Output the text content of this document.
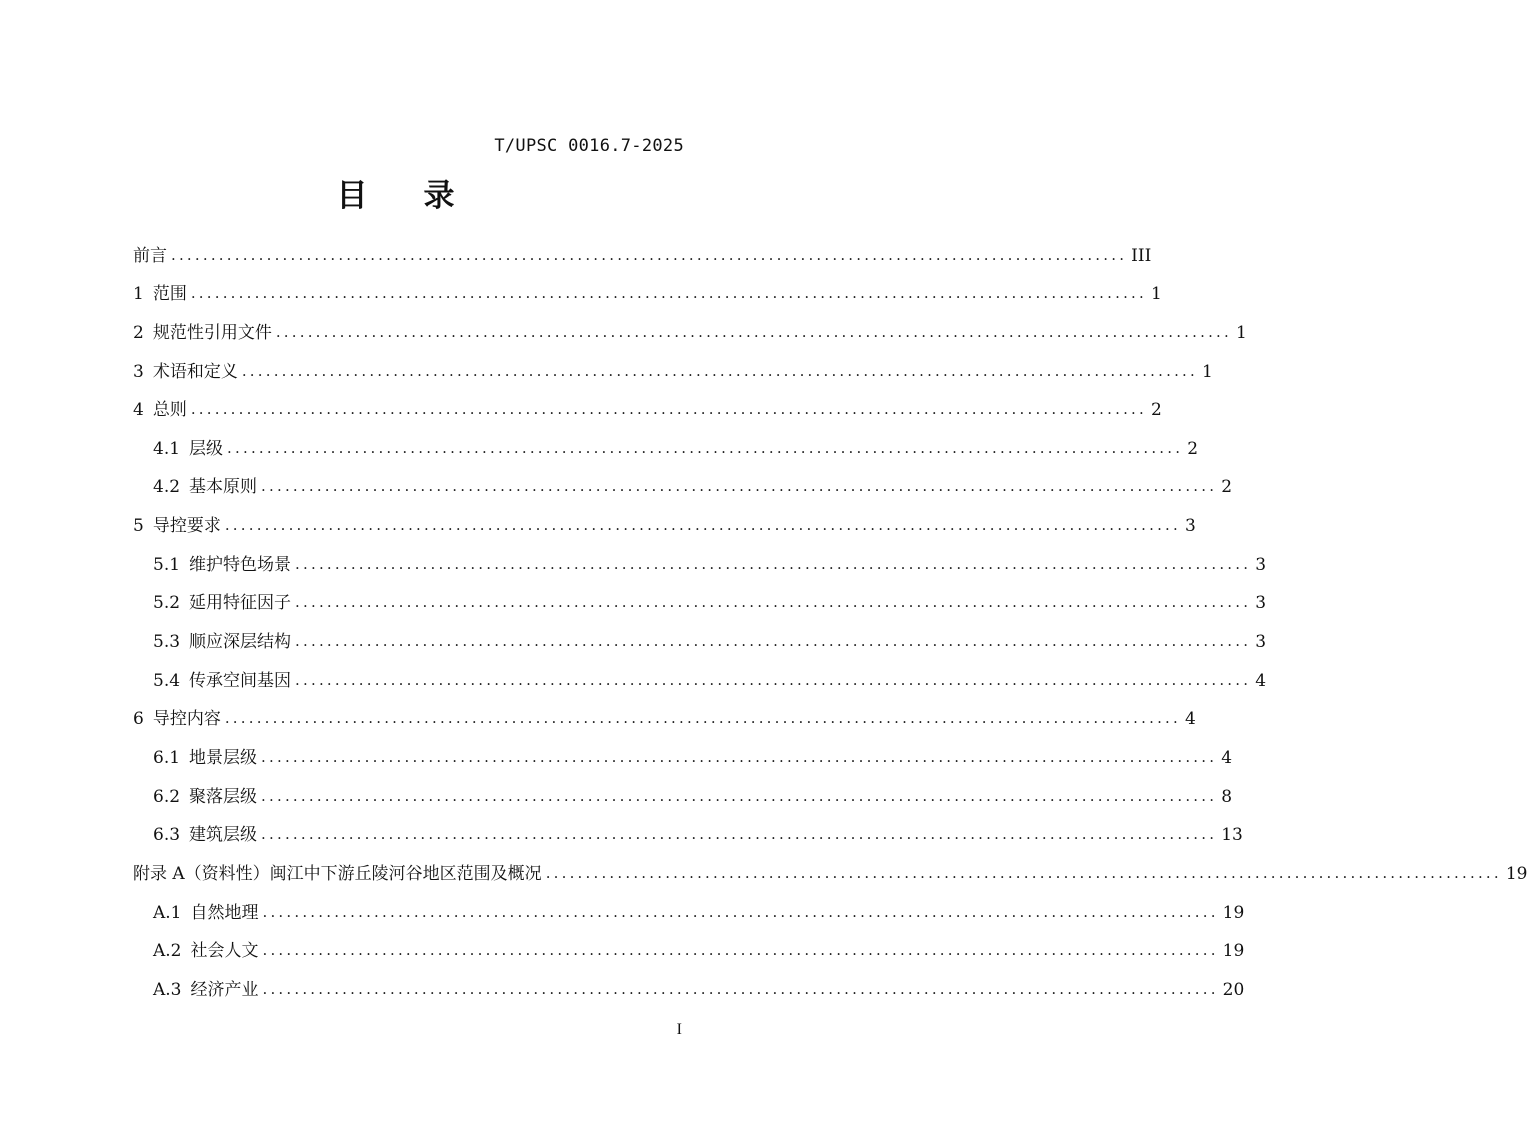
T/UPSC 0016.7-2025
目 录
前言 ........................................................................................................................ III
1 范围 ........................................................................................................................ 1
2 规范性引用文件 ........................................................................................................................ 1
3 术语和定义 ........................................................................................................................ 1
4 总则 ........................................................................................................................ 2
4.1 层级 ........................................................................................................................ 2
4.2 基本原则 ........................................................................................................................ 2
5 导控要求 ........................................................................................................................ 3
5.1 维护特色场景 ........................................................................................................................ 3
5.2 延用特征因子 ........................................................................................................................ 3
5.3 顺应深层结构 ........................................................................................................................ 3
5.4 传承空间基因 ........................................................................................................................ 4
6 导控内容 ........................................................................................................................ 4
6.1 地景层级 ........................................................................................................................ 4
6.2 聚落层级 ........................................................................................................................ 8
6.3 建筑层级 ........................................................................................................................ 13
附录 A（资料性）闽江中下游丘陵河谷地区范围及概况 ........................................................................................................................ 19
A.1 自然地理 ........................................................................................................................ 19
A.2 社会人文 ........................................................................................................................ 19
A.3 经济产业 ........................................................................................................................ 20
I
